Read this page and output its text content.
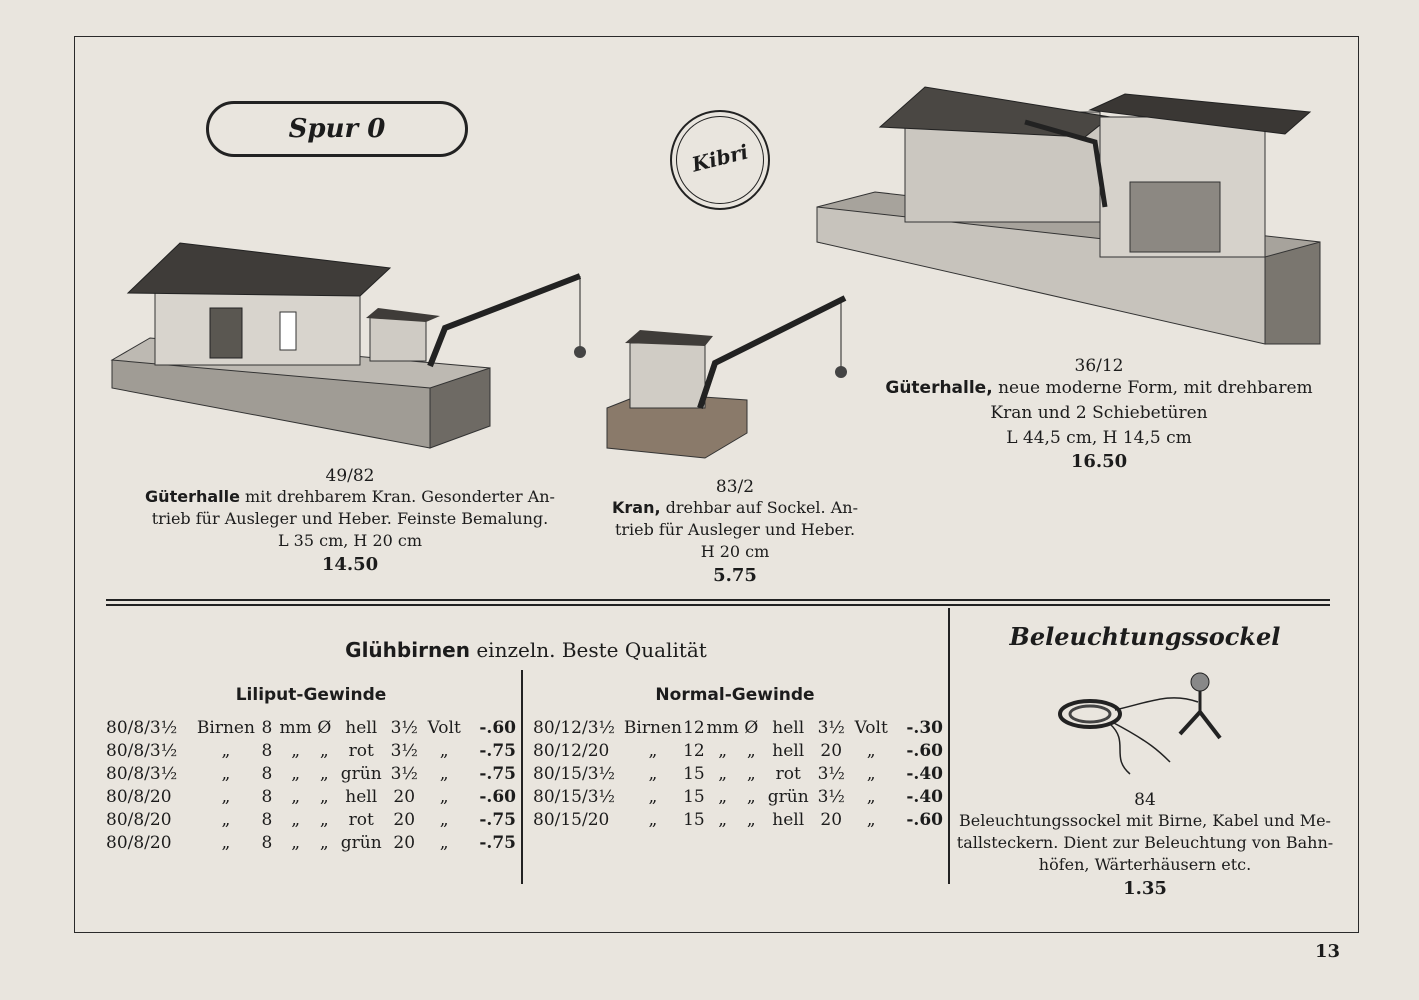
Spur 0
Kibri
49/82
Güterhalle mit drehbarem Kran. Gesonderter An-
trieb für Ausleger und Heber. Feinste Bemalung.
L 35 cm, H 20 cm
14.50
83/2
Kran, drehbar auf Sockel. An-
trieb für Ausleger und Heber.
H 20 cm
5.75
36/12
Güterhalle, neue moderne Form, mit drehbarem
Kran und 2 Schiebetüren
L 44,5 cm, H 14,5 cm
16.50
Glühbirnen einzeln. Beste Qualität
Liliput-Gewinde	Normal-Gewinde
80/8/3½	Birnen	8	mm	Ø	hell	3½	Volt	-.60
80/8/3½	„	8	„	„	rot	3½	„	-.75
80/8/3½	„	8	„	„	grün	3½	„	-.75
80/8/20	„	8	„	„	hell	20	„	-.60
80/8/20	„	8	„	„	rot	20	„	-.75
80/8/20	„	8	„	„	grün	20	„	-.75
80/12/3½	Birnen	12	mm	Ø	hell	3½	Volt	-.30
80/12/20	„	12	„	„	hell	20	„	-.60
80/15/3½	„	15	„	„	rot	3½	„	-.40
80/15/3½	„	15	„	„	grün	3½	„	-.40
80/15/20	„	15	„	„	hell	20	„	-.60
Beleuchtungssockel
84
Beleuchtungssockel mit Birne, Kabel und Me-
tallsteckern. Dient zur Beleuchtung von Bahn-
höfen, Wärterhäusern etc.
1.35
13
